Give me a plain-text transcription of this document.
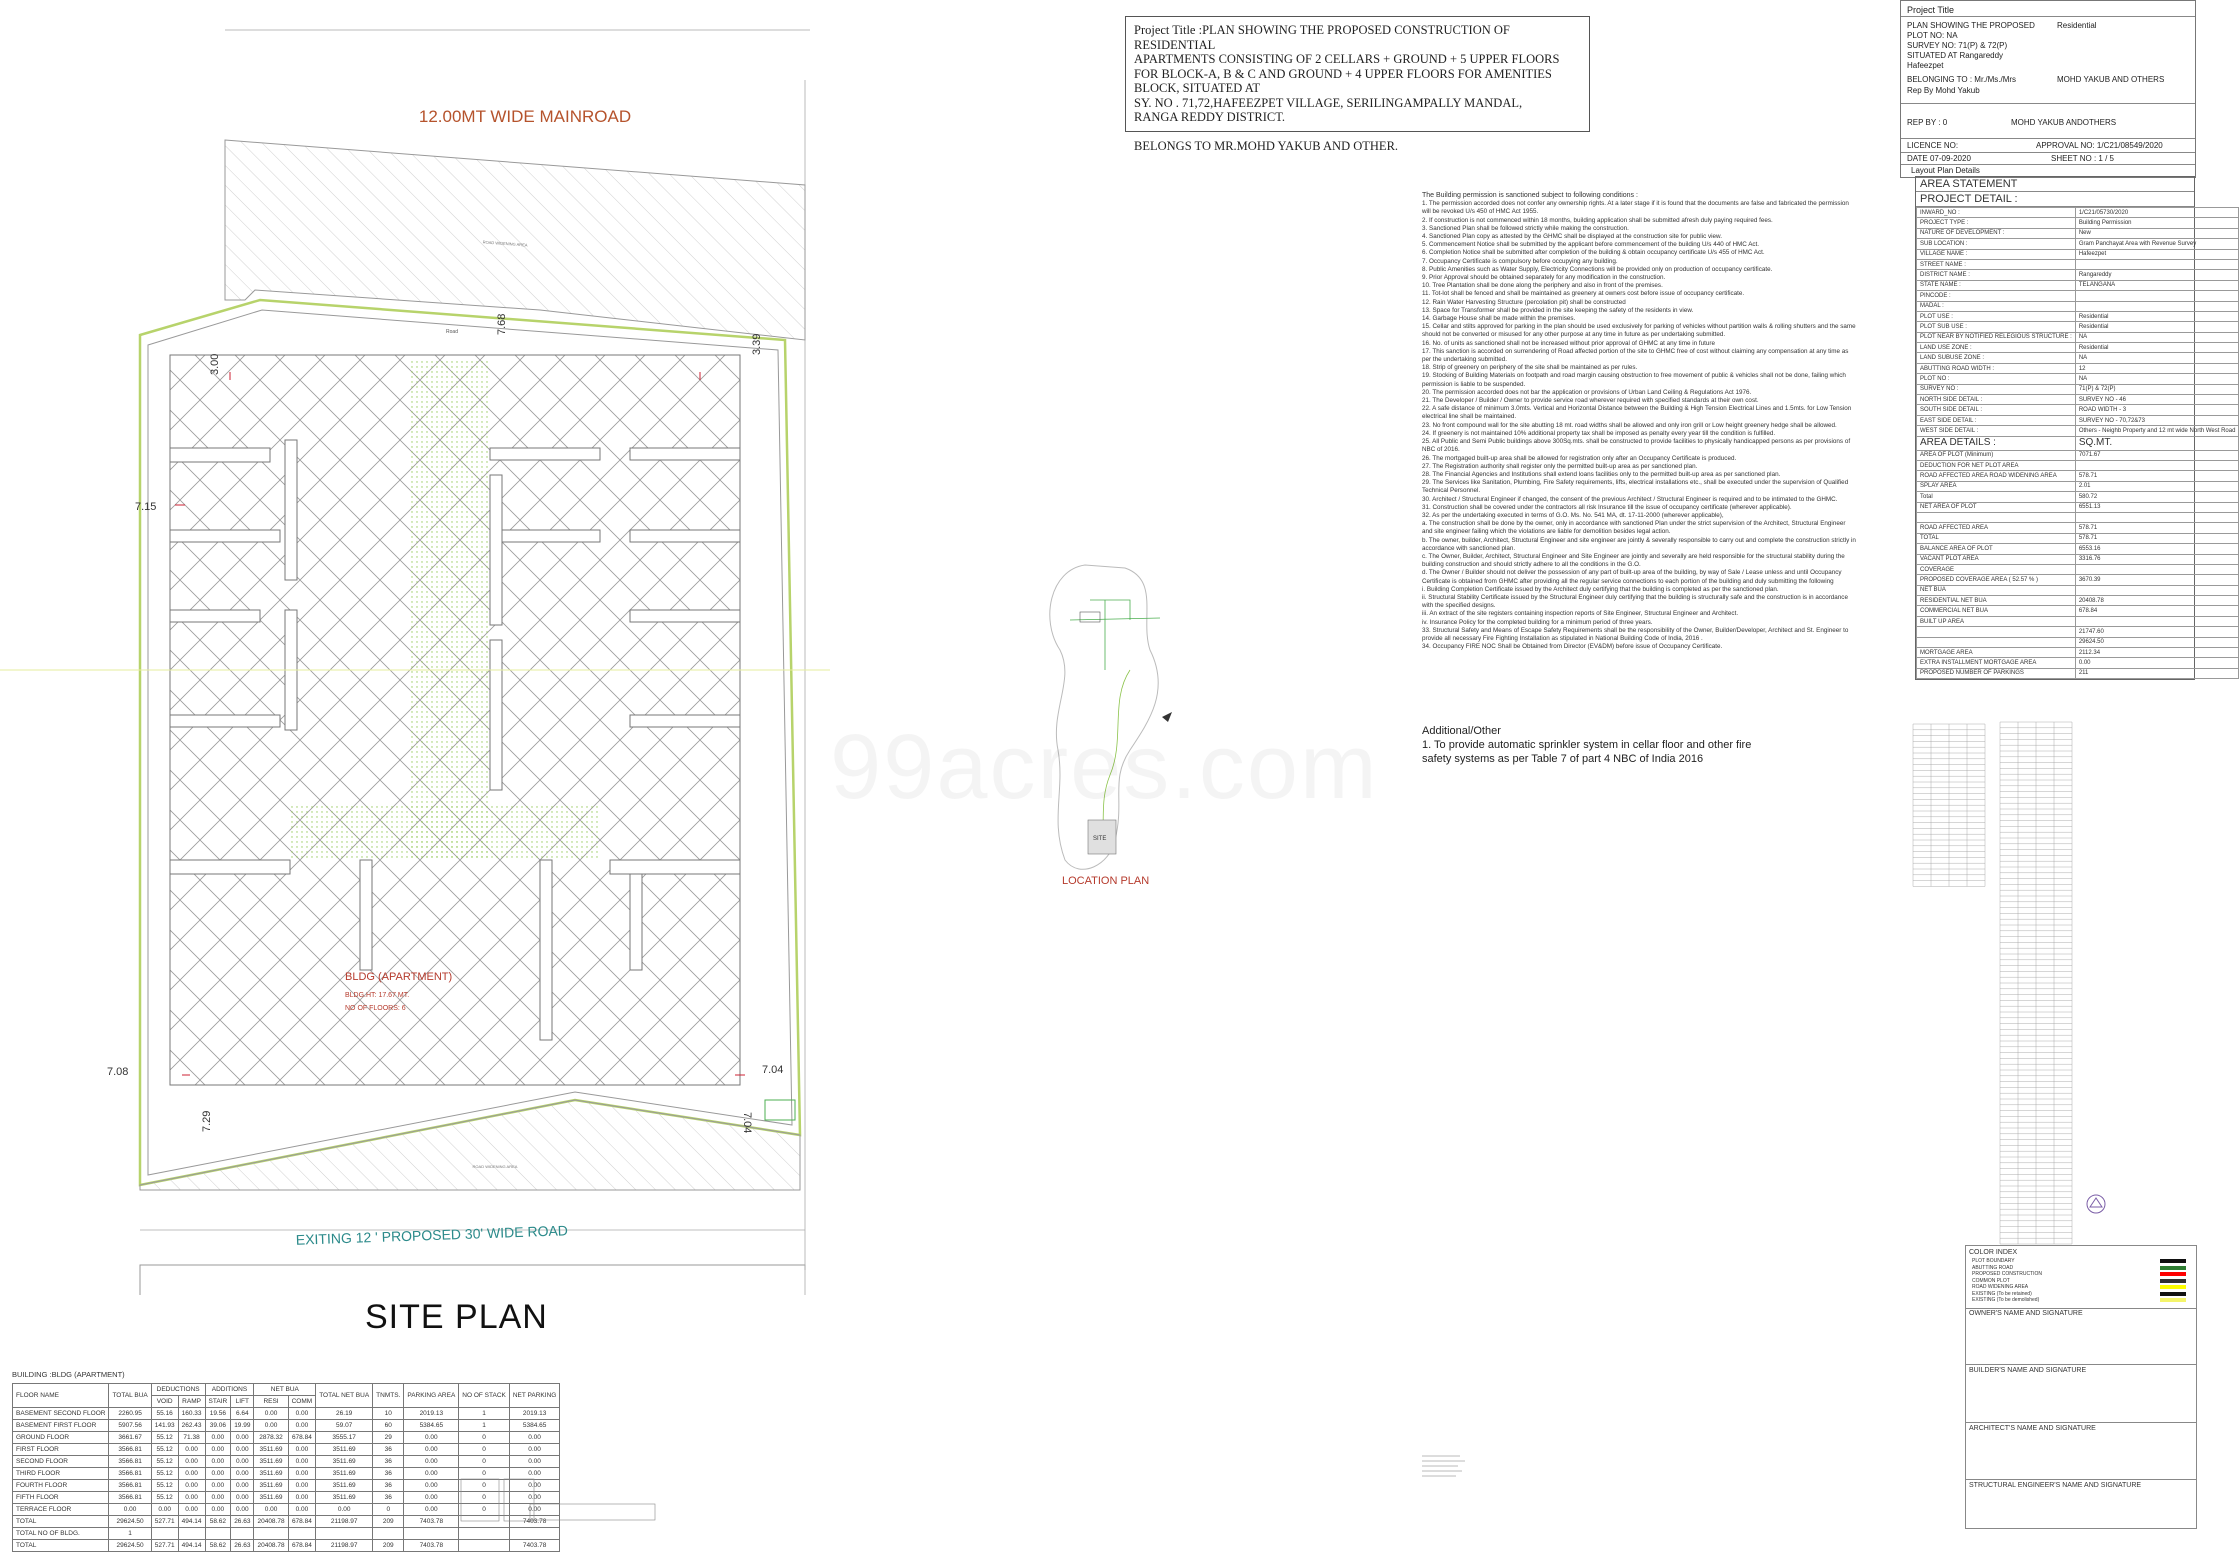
12.00MT WIDE MAINROAD
EXITING 12 ' PROPOSED 30' WIDE ROAD
ROAD WIDENING AREA
Road
ROAD WIDENING AREA
BLDG (APARTMENT)
BLDG.HT: 17.67 MT.
NO OF FLOORS: 6
7.68
3.00
3.39
7.15
7.08	7.04
7.29	7.04
SITE PLAN
SITE
LOCATION PLAN
Project Title :PLAN SHOWING THE PROPOSED CONSTRUCTION OF RESIDENTIAL
APARTMENTS CONSISTING OF 2 CELLARS + GROUND + 5 UPPER FLOORS
FOR BLOCK-A, B & C AND GROUND + 4 UPPER FLOORS FOR AMENITIES BLOCK, SITUATED AT
SY. NO . 71,72,HAFEEZPET VILLAGE, SERILINGAMPALLY MANDAL,
RANGA REDDY DISTRICT.
BELONGS TO MR.MOHD YAKUB AND OTHER.
Project Title
PLAN SHOWING THE PROPOSED	Residential
PLOT NO: NA
SURVEY NO: 71(P) & 72(P)
SITUATED AT Rangareddy
Hafeezpet
BELONGING TO : Mr./Ms./Mrs	MOHD YAKUB AND OTHERS
Rep By Mohd Yakub
REP BY : 0	MOHD YAKUB ANDOTHERS
LICENCE NO:	APPROVAL NO: 1/C21/08549/2020
DATE 07-09-2020	SHEET NO : 1 / 5
Layout Plan Details
AREA STATEMENT
PROJECT DETAIL :
INWARD_NO :	1/C21/05730/2020
PROJECT TYPE :	Building Permission
NATURE OF DEVELOPMENT :	New
SUB LOCATION :	Gram Panchayat Area with Revenue Survey
VILLAGE NAME :	Hafeezpet
STREET NAME :	
DISTRICT NAME :	Rangareddy
STATE NAME :	TELANGANA
PINCODE :	
MADAL :	
PLOT USE :	Residential
PLOT SUB USE :	Residential
PLOT NEAR BY NOTIFIED RELEGIOUS STRUCTURE :	NA
LAND USE ZONE :	Residential
LAND SUBUSE ZONE :	NA
ABUTTING ROAD WIDTH :	12
PLOT NO :	NA
SURVEY NO :	71(P) & 72(P)
NORTH SIDE DETAIL :	SURVEY NO - 46
SOUTH SIDE DETAIL :	ROAD WIDTH - 3
EAST SIDE DETAIL :	SURVEY NO - 70,72&73
WEST SIDE DETAIL :	Others - Neighb Property and 12 mt wide North West Road
AREA DETAILS :	SQ.MT.
AREA OF PLOT (Minimum)	7071.67
DEDUCTION FOR NET PLOT AREA	
ROAD AFFECTED AREA ROAD WIDENING AREA	578.71
SPLAY AREA	2.01
Total	580.72
NET AREA OF PLOT	6551.13

ROAD AFFECTED AREA	578.71
TOTAL	578.71
BALANCE AREA OF PLOT	6553.16
VACANT PLOT AREA	3316.76
COVERAGE	
PROPOSED COVERAGE AREA ( 52.57 % )	3670.39
NET BUA	
RESIDENTIAL NET BUA	20408.78
COMMERCIAL NET BUA	678.84
BUILT UP AREA	
	21747.60
	29624.50
MORTGAGE AREA	2112.34
EXTRA INSTALLMENT MORTGAGE AREA	0.00
PROPOSED NUMBER OF PARKINGS	211
The Building permission is sanctioned subject to following conditions :
1. The permission accorded does not confer any ownership rights. At a later stage if it is found that the documents are false and fabricated the permission will be revoked U/s 450 of HMC Act 1955.
2. If construction is not commenced within 18 months, building application shall be submitted afresh duly paying required fees.
3. Sanctioned Plan shall be followed strictly while making the construction.
4. Sanctioned Plan copy as attested by the GHMC shall be displayed at the construction site for public view.
5. Commencement Notice shall be submitted by the applicant before commencement of the building U/s 440 of HMC Act.
6. Completion Notice shall be submitted after completion of the building & obtain occupancy certificate U/s 455 of HMC Act.
7. Occupancy Certificate is compulsory before occupying any building.
8. Public Amenities such as Water Supply, Electricity Connections will be provided only on production of occupancy certificate.
9. Prior Approval should be obtained separately for any modification in the construction.
10. Tree Plantation shall be done along the periphery and also in front of the premises.
11. Tot-lot shall be fenced and shall be maintained as greenery at owners cost before issue of occupancy certificate.
12. Rain Water Harvesting Structure (percolation pit) shall be constructed
13. Space for Transformer shall be provided in the site keeping the safety of the residents in view.
14. Garbage House shall be made within the premises.
15. Cellar and stilts approved for parking in the plan should be used exclusively for parking of vehicles without partition walls & rolling shutters and the same should not be converted or misused for any other purpose at any time in future as per undertaking submitted.
16. No. of units as sanctioned shall not be increased without prior approval of GHMC at any time in future
17. This sanction is accorded on surrendering of Road affected portion of the site to GHMC free of cost without claiming any compensation at any time as per the undertaking submitted.
18. Strip of greenery on periphery of the site shall be maintained as per rules.
19. Stocking of Building Materials on footpath and road margin causing obstruction to free movement of public & vehicles shall not be done, failing which permission is liable to be suspended.
20. The permission accorded does not bar the application or provisions of Urban Land Ceiling & Regulations Act 1976.
21. The Developer / Builder / Owner to provide service road wherever required with specified standards at their own cost.
22. A safe distance of minimum 3.0mts. Vertical and Horizontal Distance between the Building & High Tension Electrical Lines and 1.5mts. for Low Tension electrical line shall be maintained.
23. No front compound wall for the site abutting 18 mt. road widths shall be allowed and only iron grill or Low height greenery hedge shall be allowed.
24. If greenery is not maintained 10% additional property tax shall be imposed as penalty every year till the condition is fulfilled.
25. All Public and Semi Public buildings above 300Sq.mts. shall be constructed to provide facilities to physically handicapped persons as per provisions of NBC of 2016.
26. The mortgaged built-up area shall be allowed for registration only after an Occupancy Certificate is produced.
27. The Registration authority shall register only the permitted built-up area as per sanctioned plan.
28. The Financial Agencies and Institutions shall extend loans facilities only to the permitted built-up area as per sanctioned plan.
29. The Services like Sanitation, Plumbing, Fire Safety requirements, lifts, electrical installations etc., shall be executed under the supervision of Qualified Technical Personnel.
30. Architect / Structural Engineer if changed, the consent of the previous Architect / Structural Engineer is required and to be intimated to the GHMC.
31. Construction shall be covered under the contractors all risk Insurance till the issue of occupancy certificate (wherever applicable).
32. As per the undertaking executed in terms of G.O. Ms. No. 541 MA, dt. 17-11-2000 (wherever applicable),
a. The construction shall be done by the owner, only in accordance with sanctioned Plan under the strict supervision of the Architect, Structural Engineer and site engineer failing which the violations are liable for demolition besides legal action.
b. The owner, builder, Architect, Structural Engineer and site engineer are jointly & severally responsible to carry out and complete the construction strictly in accordance with sanctioned plan.
c. The Owner, Builder, Architect, Structural Engineer and Site Engineer are jointly and severally are held responsible for the structural stability during the building construction and should strictly adhere to all the conditions in the G.O.
d. The Owner / Builder should not deliver the possession of any part of built-up area of the building, by way of Sale / Lease unless and until Occupancy Certificate is obtained from GHMC after providing all the regular service connections to each portion of the building and duly submitting the following
i. Building Completion Certificate issued by the Architect duly certifying that the building is completed as per the sanctioned plan.
ii. Structural Stability Certificate issued by the Structural Engineer duly certifying that the building is structurally safe and the construction is in accordance with the specified designs.
iii. An extract of the site registers containing inspection reports of Site Engineer, Structural Engineer and Architect.
iv. Insurance Policy for the completed building for a minimum period of three years.
33. Structural Safety and Means of Escape Safety Requirements shall be the responsibility of the Owner, Builder/Developer, Architect and St. Engineer to provide all necessary Fire Fighting Installation as stipulated in National Building Code of India, 2016 .
34. Occupancy FIRE NOC Shall be Obtained from Director (EV&DM) before issue of Occupancy Certificate.
Additional/Other
1. To provide automatic sprinkler system in cellar floor and other fire safety systems as per Table 7 of part 4 NBC of India 2016
COLOR INDEX
PLOT BOUNDARY
ABUTTING ROAD
PROPOSED CONSTRUCTION
COMMON PLOT
ROAD WIDENING AREA
EXISTING (To be retained)
EXISTING (To be demolished)
OWNER'S NAME AND SIGNATURE
BUILDER'S NAME AND SIGNATURE
ARCHITECT'S NAME AND SIGNATURE
STRUCTURAL ENGINEER'S NAME AND SIGNATURE
BUILDING :BLDG (APARTMENT)
FLOOR NAME	TOTAL BUA	DEDUCTIONS		ADDITIONS		NET BUA		TOTAL NET BUA	TNMTS.	PARKING AREA	NO OF STACK	NET PARKING
		VOID	RAMP	STAIR	LIFT	RESI	COMM					
BASEMENT SECOND FLOOR	2260.95	55.16	160.33	19.56	6.64	0.00	0.00	26.19	10	2019.13	1	2019.13
BASEMENT FIRST FLOOR	5907.56	141.93	262.43	39.06	19.99	0.00	0.00	59.07	60	5384.65	1	5384.65
GROUND FLOOR	3661.67	55.12	71.38	0.00	0.00	2878.32	678.84	3555.17	29	0.00	0	0.00
FIRST FLOOR	3566.81	55.12	0.00	0.00	0.00	3511.69	0.00	3511.69	36	0.00	0	0.00
SECOND FLOOR	3566.81	55.12	0.00	0.00	0.00	3511.69	0.00	3511.69	36	0.00	0	0.00
THIRD FLOOR	3566.81	55.12	0.00	0.00	0.00	3511.69	0.00	3511.69	36	0.00	0	0.00
FOURTH FLOOR	3566.81	55.12	0.00	0.00	0.00	3511.69	0.00	3511.69	36	0.00	0	0.00
FIFTH FLOOR	3566.81	55.12	0.00	0.00	0.00	3511.69	0.00	3511.69	36	0.00	0	0.00
TERRACE FLOOR	0.00	0.00	0.00	0.00	0.00	0.00	0.00	0.00	0	0.00	0	0.00
TOTAL	29624.50	527.71	494.14	58.62	26.63	20408.78	678.84	21198.97	209	7403.78		7403.78
TOTAL NO OF BLDG.	1											
TOTAL	29624.50	527.71	494.14	58.62	26.63	20408.78	678.84	21198.97	209	7403.78		7403.78
